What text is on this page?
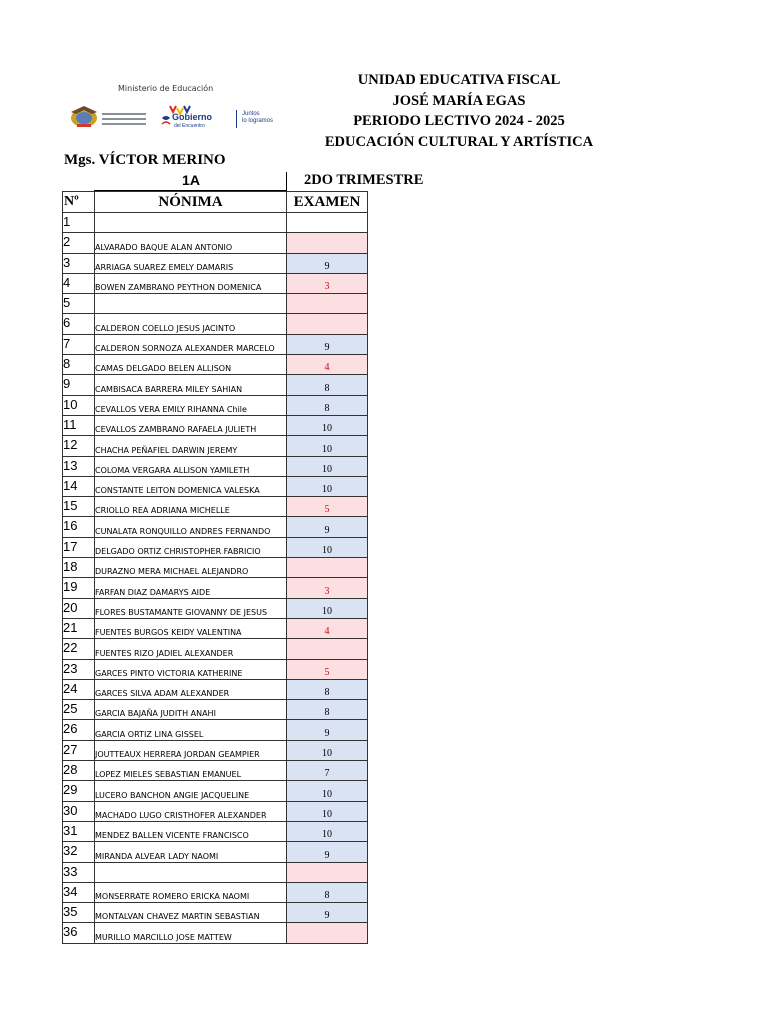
Ministerio de Educación
Gobierno
del Encuentro
Juntos
lo logramos
UNIDAD EDUCATIVA FISCAL
JOSÉ MARÍA EGAS
PERIODO LECTIVO 2024 - 2025
EDUCACIÓN CULTURAL Y ARTÍSTICA
Mgs. VÍCTOR MERINO
1A	2DO TRIMESTRE
Nº	NÓNIMA	EXAMEN
1		
2	ALVARADO BAQUE ALAN ANTONIO	
3	ARRIAGA SUAREZ EMELY DAMARIS	9
4	BOWEN ZAMBRANO PEYTHON DOMENICA	3
5		
6	CALDERON COELLO JESUS JACINTO	
7	CALDERON SORNOZA ALEXANDER MARCELO	9
8	CAMAS DELGADO BELEN ALLISON	4
9	CAMBISACA BARRERA MILEY SAHIAN	8
10	CEVALLOS VERA EMILY RIHANNA Chile	8
11	CEVALLOS ZAMBRANO RAFAELA JULIETH	10
12	CHACHA PEÑAFIEL DARWIN JEREMY	10
13	COLOMA VERGARA ALLISON YAMILETH	10
14	CONSTANTE LEITON DOMENICA VALESKA	10
15	CRIOLLO REA ADRIANA MICHELLE	5
16	CUNALATA RONQUILLO ANDRES FERNANDO	9
17	DELGADO ORTIZ CHRISTOPHER FABRICIO	10
18	DURAZNO MERA MICHAEL ALEJANDRO	
19	FARFAN DIAZ DAMARYS AIDE	3
20	FLORES BUSTAMANTE GIOVANNY DE JESUS	10
21	FUENTES BURGOS KEIDY VALENTINA	4
22	FUENTES RIZO JADIEL ALEXANDER	
23	GARCES PINTO VICTORIA KATHERINE	5
24	GARCES SILVA ADAM ALEXANDER	8
25	GARCIA BAJAÑA JUDITH ANAHI	8
26	GARCIA ORTIZ LINA GISSEL	9
27	JOUTTEAUX HERRERA JORDAN GEAMPIER	10
28	LOPEZ MIELES SEBASTIAN EMANUEL	7
29	LUCERO BANCHON ANGIE JACQUELINE	10
30	MACHADO LUGO CRISTHOFER ALEXANDER	10
31	MENDEZ BALLEN VICENTE FRANCISCO	10
32	MIRANDA ALVEAR LADY NAOMI	9
33		
34	MONSERRATE ROMERO ERICKA NAOMI	8
35	MONTALVAN CHAVEZ MARTIN SEBASTIAN	9
36	MURILLO MARCILLO JOSE MATTEW	
